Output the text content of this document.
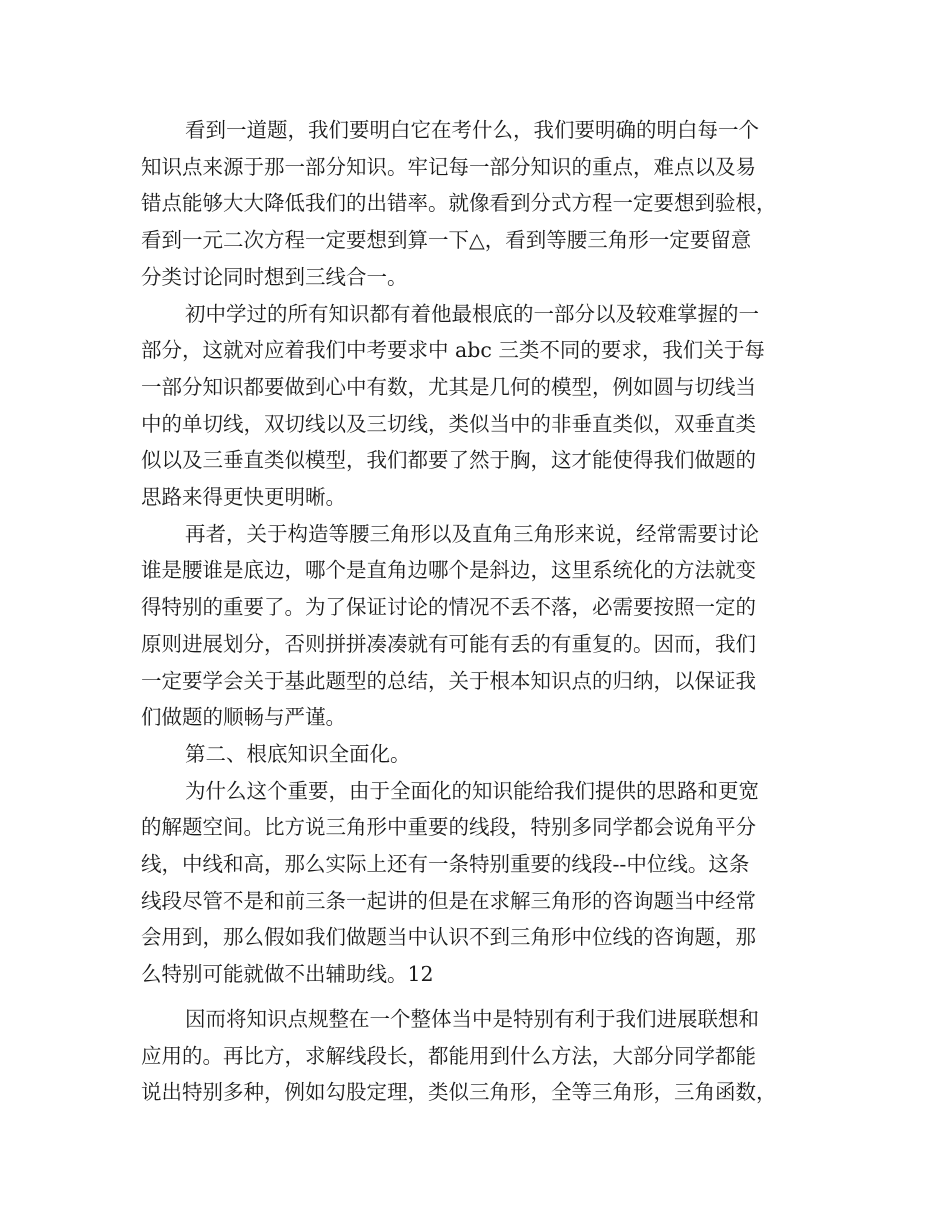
看到一道题，我们要明白它在考什么，我们要明确的明白每一个
知识点来源于那一部分知识。牢记每一部分知识的重点，难点以及易
错点能够大大降低我们的出错率。就像看到分式方程一定要想到验根，
看到一元二次方程一定要想到算一下△，看到等腰三角形一定要留意
分类讨论同时想到三线合一。
初中学过的所有知识都有着他最根底的一部分以及较难掌握的一
部分，这就对应着我们中考要求中 abc 三类不同的要求，我们关于每
一部分知识都要做到心中有数，尤其是几何的模型，例如圆与切线当
中的单切线，双切线以及三切线，类似当中的非垂直类似，双垂直类
似以及三垂直类似模型，我们都要了然于胸，这才能使得我们做题的
思路来得更快更明晰。
再者，关于构造等腰三角形以及直角三角形来说，经常需要讨论
谁是腰谁是底边，哪个是直角边哪个是斜边，这里系统化的方法就变
得特别的重要了。为了保证讨论的情况不丢不落，必需要按照一定的
原则进展划分，否则拼拼凑凑就有可能有丢的有重复的。因而，我们
一定要学会关于基此题型的总结，关于根本知识点的归纳，以保证我
们做题的顺畅与严谨。
第二、根底知识全面化。
为什么这个重要，由于全面化的知识能给我们提供的思路和更宽
的解题空间。比方说三角形中重要的线段，特别多同学都会说角平分
线，中线和高，那么实际上还有一条特别重要的线段--中位线。这条
线段尽管不是和前三条一起讲的但是在求解三角形的咨询题当中经常
会用到，那么假如我们做题当中认识不到三角形中位线的咨询题，那
么特别可能就做不出辅助线。12
因而将知识点规整在一个整体当中是特别有利于我们进展联想和
应用的。再比方，求解线段长，都能用到什么方法，大部分同学都能
说出特别多种，例如勾股定理，类似三角形，全等三角形，三角函数，
